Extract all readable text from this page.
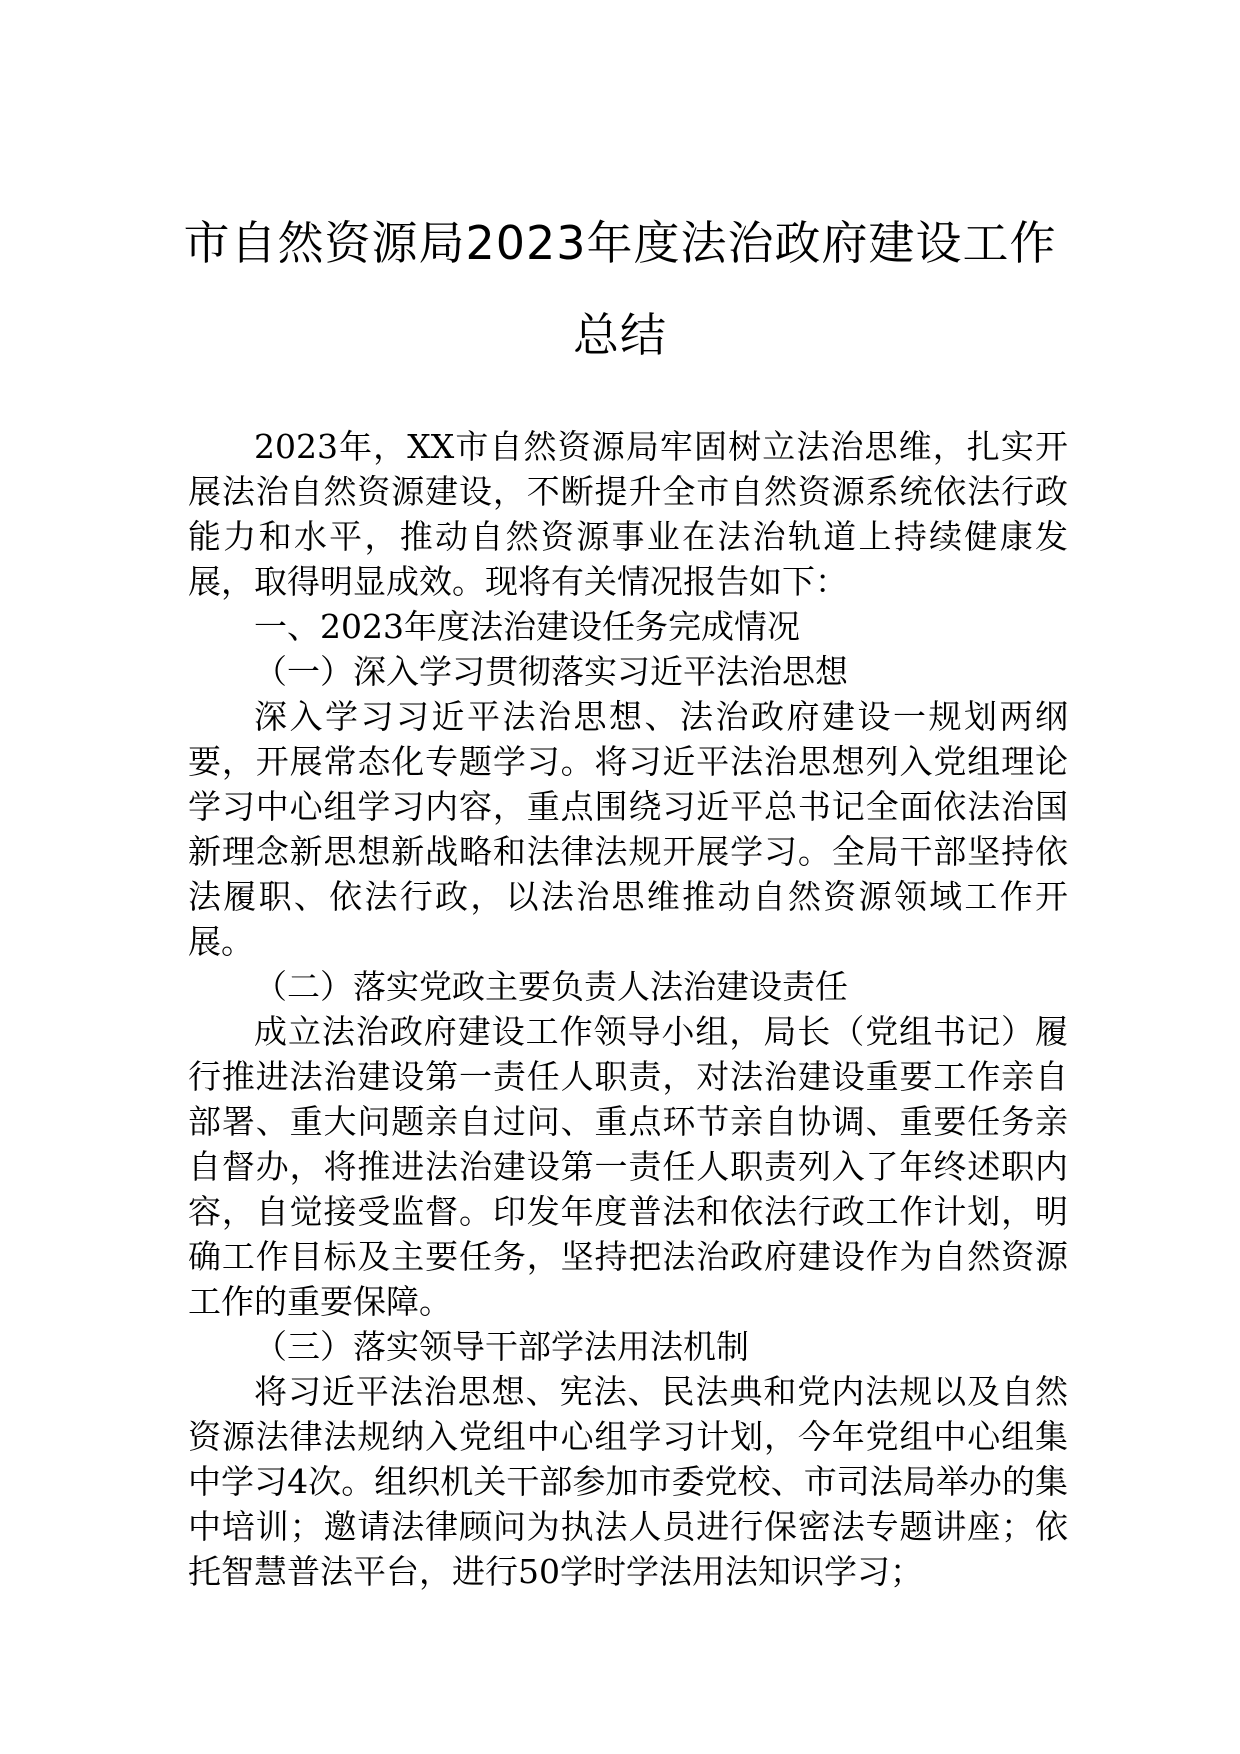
市自然资源局2023年度法治政府建设工作
总结

2023年，XX市自然资源局牢固树立法治思维，扎实开展法治自然资源建设，不断提升全市自然资源系统依法行政能力和水平，推动自然资源事业在法治轨道上持续健康发展，取得明显成效。现将有关情况报告如下：

一、2023年度法治建设任务完成情况

（一）深入学习贯彻落实习近平法治思想

深入学习习近平法治思想、法治政府建设一规划两纲要，开展常态化专题学习。将习近平法治思想列入党组理论学习中心组学习内容，重点围绕习近平总书记全面依法治国新理念新思想新战略和法律法规开展学习。全局干部坚持依法履职、依法行政，以法治思维推动自然资源领域工作开展。

（二）落实党政主要负责人法治建设责任

成立法治政府建设工作领导小组，局长（党组书记）履行推进法治建设第一责任人职责，对法治建设重要工作亲自部署、重大问题亲自过问、重点环节亲自协调、重要任务亲自督办，将推进法治建设第一责任人职责列入了年终述职内容，自觉接受监督。印发年度普法和依法行政工作计划，明确工作目标及主要任务，坚持把法治政府建设作为自然资源工作的重要保障。

（三）落实领导干部学法用法机制

将习近平法治思想、宪法、民法典和党内法规以及自然资源法律法规纳入党组中心组学习计划，今年党组中心组集中学习4次。组织机关干部参加市委党校、市司法局举办的集中培训；邀请法律顾问为执法人员进行保密法专题讲座；依托智慧普法平台，进行50学时学法用法知识学习；
